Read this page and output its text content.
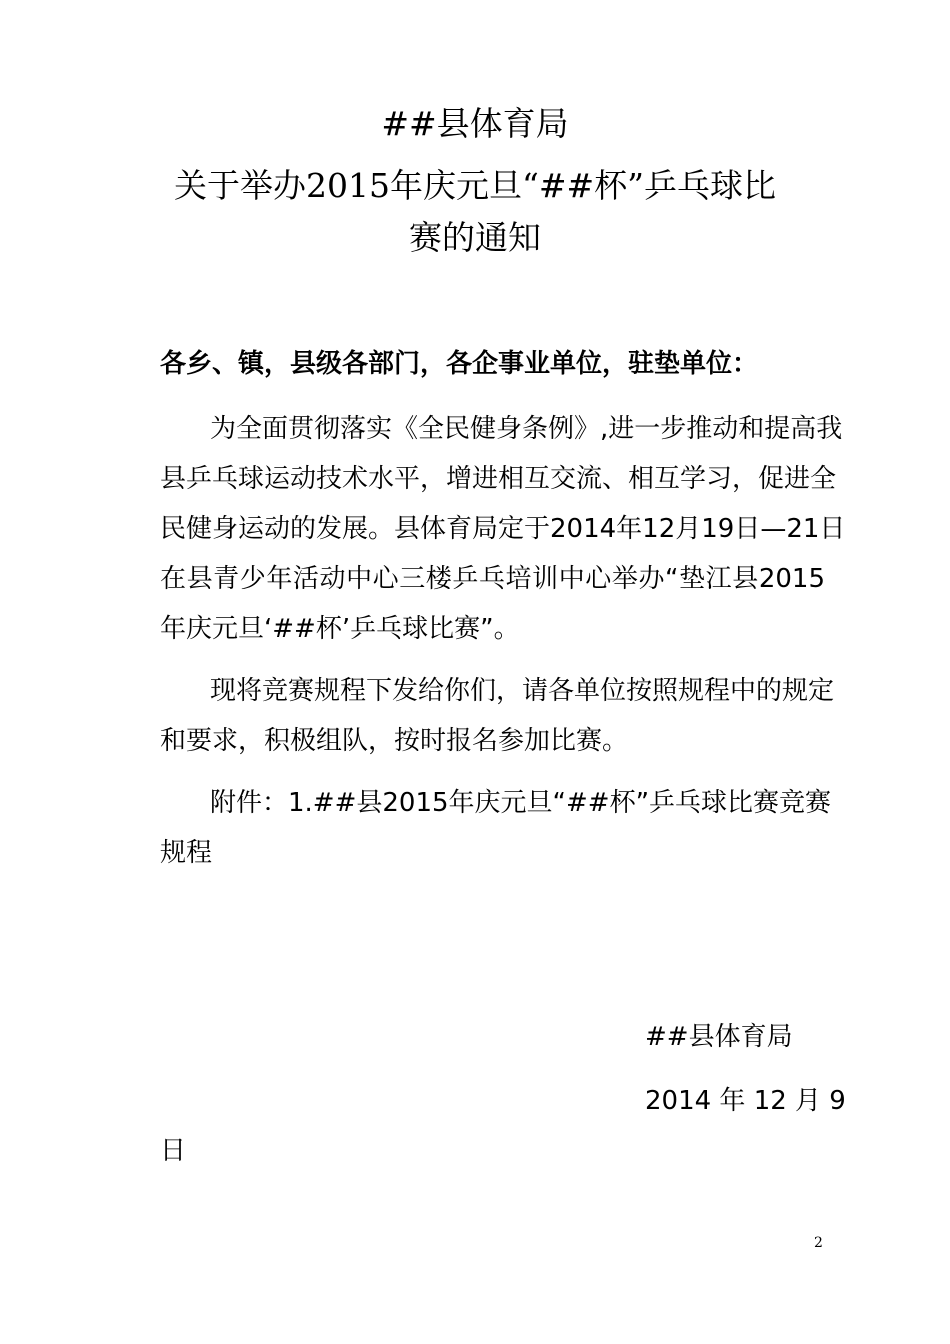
##县体育局
关于举办2015年庆元旦“##杯”乒乓球比
赛的通知
各乡、镇，县级各部门，各企事业单位，驻垫单位：
为全面贯彻落实《全民健身条例》,进一步推动和提高我
县乒乓球运动技术水平，增进相互交流、相互学习，促进全
民健身运动的发展。县体育局定于2014年12月19日—21日
在县青少年活动中心三楼乒乓培训中心举办“垫江县2015
年庆元旦‘##杯’乒乓球比赛”。
现将竞赛规程下发给你们，请各单位按照规程中的规定
和要求，积极组队，按时报名参加比赛。
附件：1.##县2015年庆元旦“##杯”乒乓球比赛竞赛
规程
##县体育局
2014 年 12 月 9
日
2
